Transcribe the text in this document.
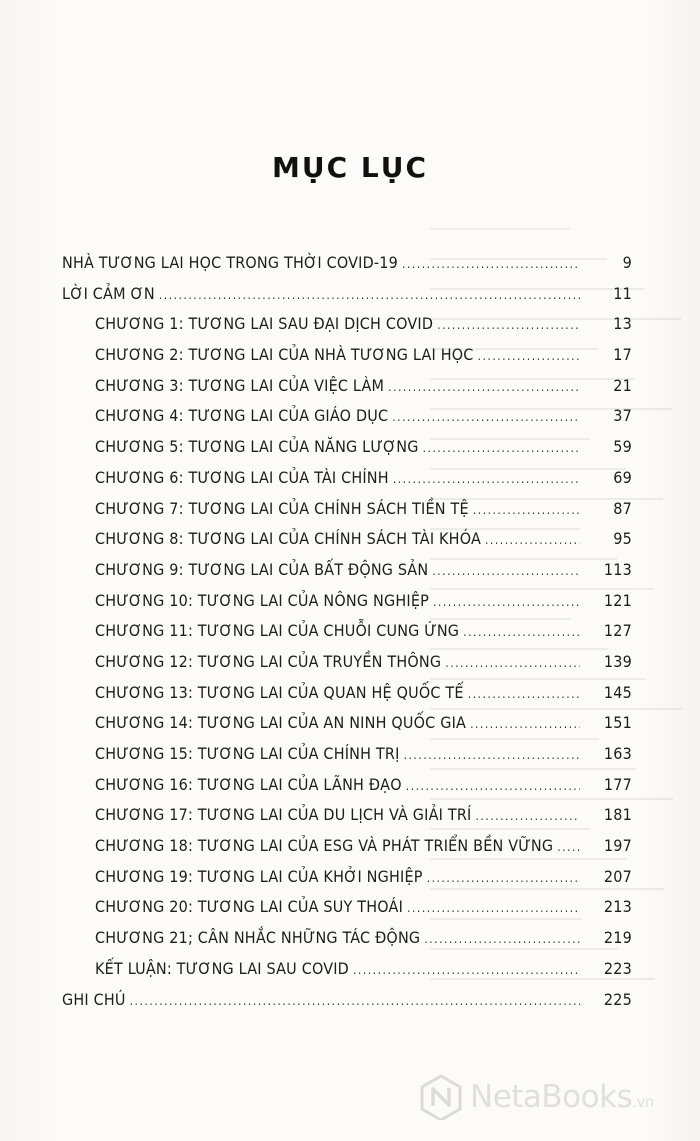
MỤC LỤC
NHÀ TƯƠNG LAI HỌC TRONG THỜI COVID-19 .....	9
LỜI CẢM ƠN .....	11
CHƯƠNG 1: TƯƠNG LAI SAU ĐẠI DỊCH COVID .....	13
CHƯƠNG 2: TƯƠNG LAI CỦA NHÀ TƯƠNG LAI HỌC .....	17
CHƯƠNG 3: TƯƠNG LAI CỦA VIỆC LÀM .....	21
CHƯƠNG 4: TƯƠNG LAI CỦA GIÁO DỤC .....	37
CHƯƠNG 5: TƯƠNG LAI CỦA NĂNG LƯỢNG .....	59
CHƯƠNG 6: TƯƠNG LAI CỦA TÀI CHÍNH .....	69
CHƯƠNG 7: TƯƠNG LAI CỦA CHÍNH SÁCH TIỀN TỆ .....	87
CHƯƠNG 8: TƯƠNG LAI CỦA CHÍNH SÁCH TÀI KHÓA .....	95
CHƯƠNG 9: TƯƠNG LAI CỦA BẤT ĐỘNG SẢN .....	113
CHƯƠNG 10: TƯƠNG LAI CỦA NÔNG NGHIỆP .....	121
CHƯƠNG 11: TƯƠNG LAI CỦA CHUỖI CUNG ỨNG .....	127
CHƯƠNG 12: TƯƠNG LAI CỦA TRUYỀN THÔNG .....	139
CHƯƠNG 13: TƯƠNG LAI CỦA QUAN HỆ QUỐC TẾ .....	145
CHƯƠNG 14: TƯƠNG LAI CỦA AN NINH QUỐC GIA .....	151
CHƯƠNG 15: TƯƠNG LAI CỦA CHÍNH TRỊ .....	163
CHƯƠNG 16: TƯƠNG LAI CỦA LÃNH ĐẠO .....	177
CHƯƠNG 17: TƯƠNG LAI CỦA DU LỊCH VÀ GIẢI TRÍ .....	181
CHƯƠNG 18: TƯƠNG LAI CỦA ESG VÀ PHÁT TRIỂN BỀN VỮNG .....	197
CHƯƠNG 19: TƯƠNG LAI CỦA KHỞI NGHIỆP .....	207
CHƯƠNG 20: TƯƠNG LAI CỦA SUY THOÁI .....	213
CHƯƠNG 21; CÂN NHẮC NHỮNG TÁC ĐỘNG .....	219
KẾT LUẬN: TƯƠNG LAI SAU COVID .....	223
GHI CHÚ .....	225
NetaBooks.vn
